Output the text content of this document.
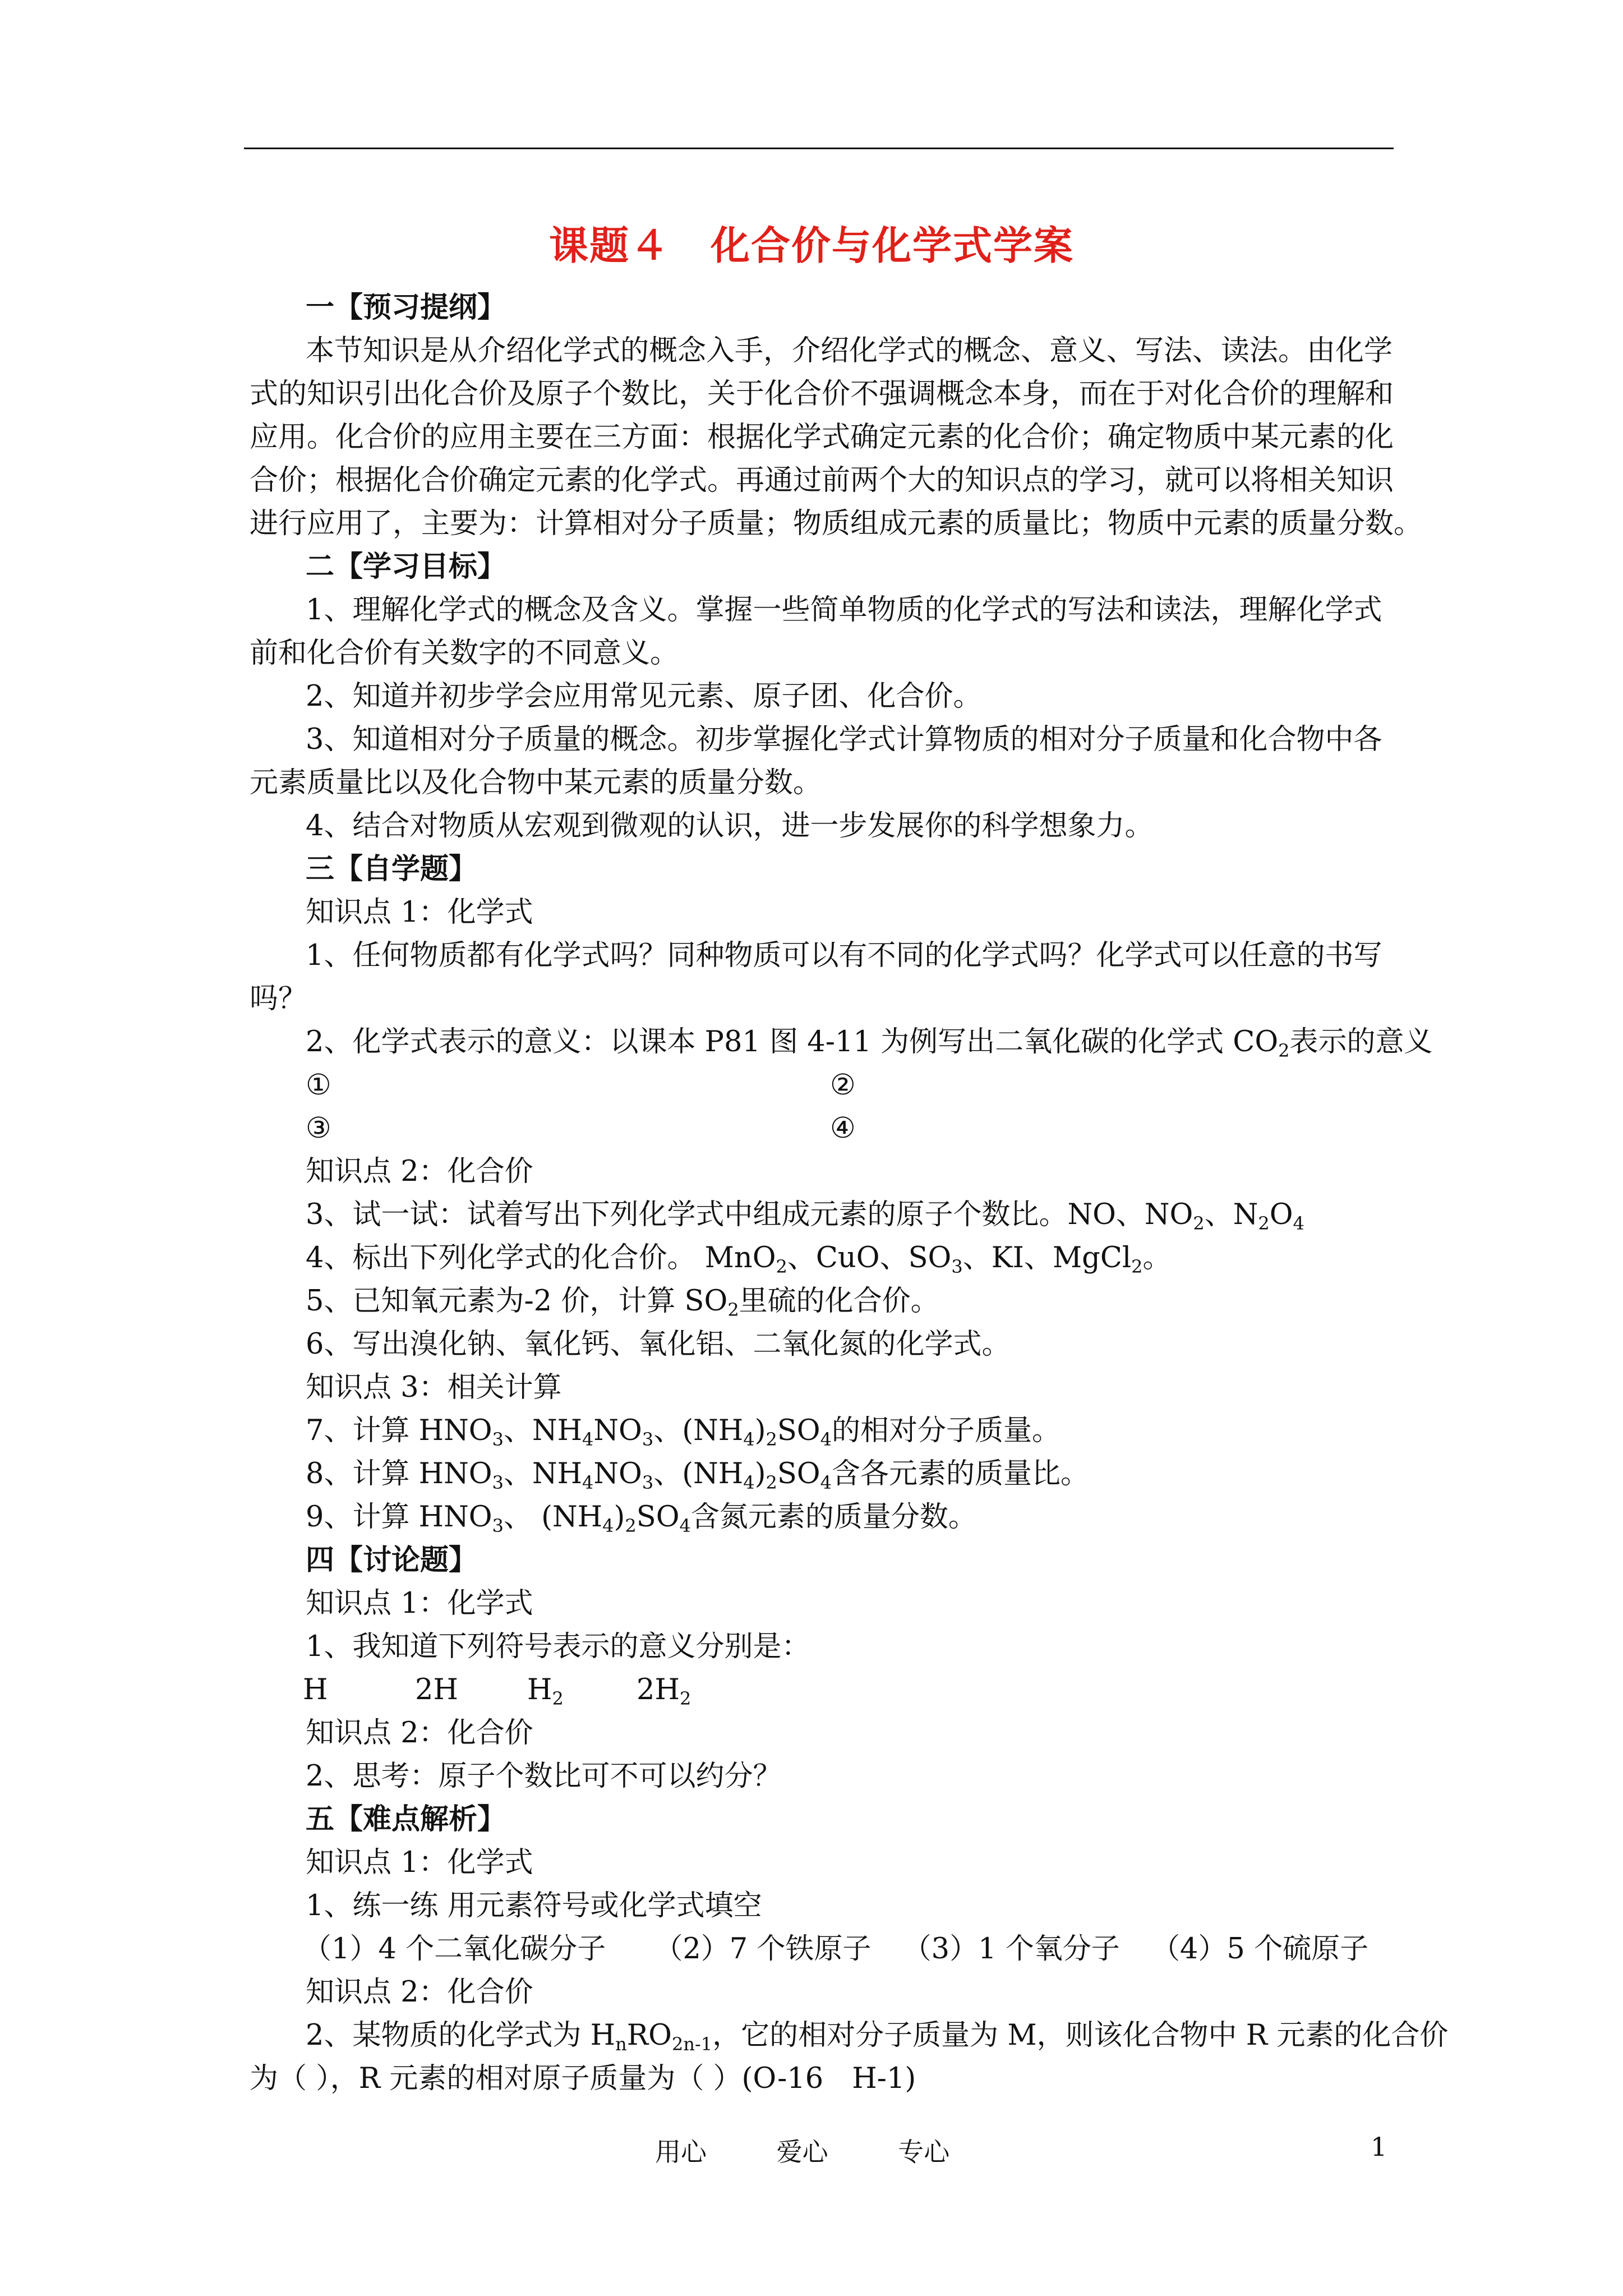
课题４　化合价与化学式学案
一【预习提纲】
本节知识是从介绍化学式的概念入手，介绍化学式的概念、意义、写法、读法。由化学
式的知识引出化合价及原子个数比，关于化合价不强调概念本身，而在于对化合价的理解和
应用。化合价的应用主要在三方面：根据化学式确定元素的化合价；确定物质中某元素的化
合价；根据化合价确定元素的化学式。再通过前两个大的知识点的学习，就可以将相关知识
进行应用了，主要为：计算相对分子质量；物质组成元素的质量比；物质中元素的质量分数。
二【学习目标】
1、理解化学式的概念及含义。掌握一些简单物质的化学式的写法和读法，理解化学式
前和化合价有关数字的不同意义。
2、知道并初步学会应用常见元素、原子团、化合价。
3、知道相对分子质量的概念。初步掌握化学式计算物质的相对分子质量和化合物中各
元素质量比以及化合物中某元素的质量分数。
4、结合对物质从宏观到微观的认识，进一步发展你的科学想象力。
三【自学题】
知识点 1：化学式
1、任何物质都有化学式吗？同种物质可以有不同的化学式吗？化学式可以任意的书写
吗？
2、化学式表示的意义：以课本 P81 图 4-11 为例写出二氧化碳的化学式 $CO_2$表示的意义
①	②
③	④
知识点 2：化合价
3、试一试：试着写出下列化学式中组成元素的原子个数比。NO、$NO_2$、$N_2O_4$
4、标出下列化学式的化合价。 MnO$_2$、CuO、$SO_3$、KI、MgCl$_2$。
5、已知氧元素为-2 价，计算 $SO_2$里硫的化合价。
6、写出溴化钠、氧化钙、氧化铝、二氧化氮的化学式。
知识点 3：相关计算
7、计算 $HNO_3$、$NH_4NO_3$、$(NH_4)_2SO_4$的相对分子质量。
8、计算 $HNO_3$、$NH_4NO_3$、$(NH_4)_2SO_4$含各元素的质量比。
9、计算 $HNO_3$、 $(NH_4)_2SO_4$含氮元素的质量分数。
四【讨论题】
知识点 1：化学式
1、我知道下列符号表示的意义分别是：
H	2H	$H_2$	$2H_2$
知识点 2：化合价
2、思考：原子个数比可不可以约分？
五【难点解析】
知识点 1：化学式
1、练一练 用元素符号或化学式填空
（1）4 个二氧化碳分子 （2）7 个铁原子 （3）1 个氧分子 （4）5 个硫原子
知识点 2：化合价
2、某物质的化学式为 $H_nRO_{2n-1}$，它的相对分子质量为 M，则该化合物中 R 元素的化合价
为（ ），R 元素的相对原子质量为（ ）(O-16　H-1)
用心	爱心	专心	1
